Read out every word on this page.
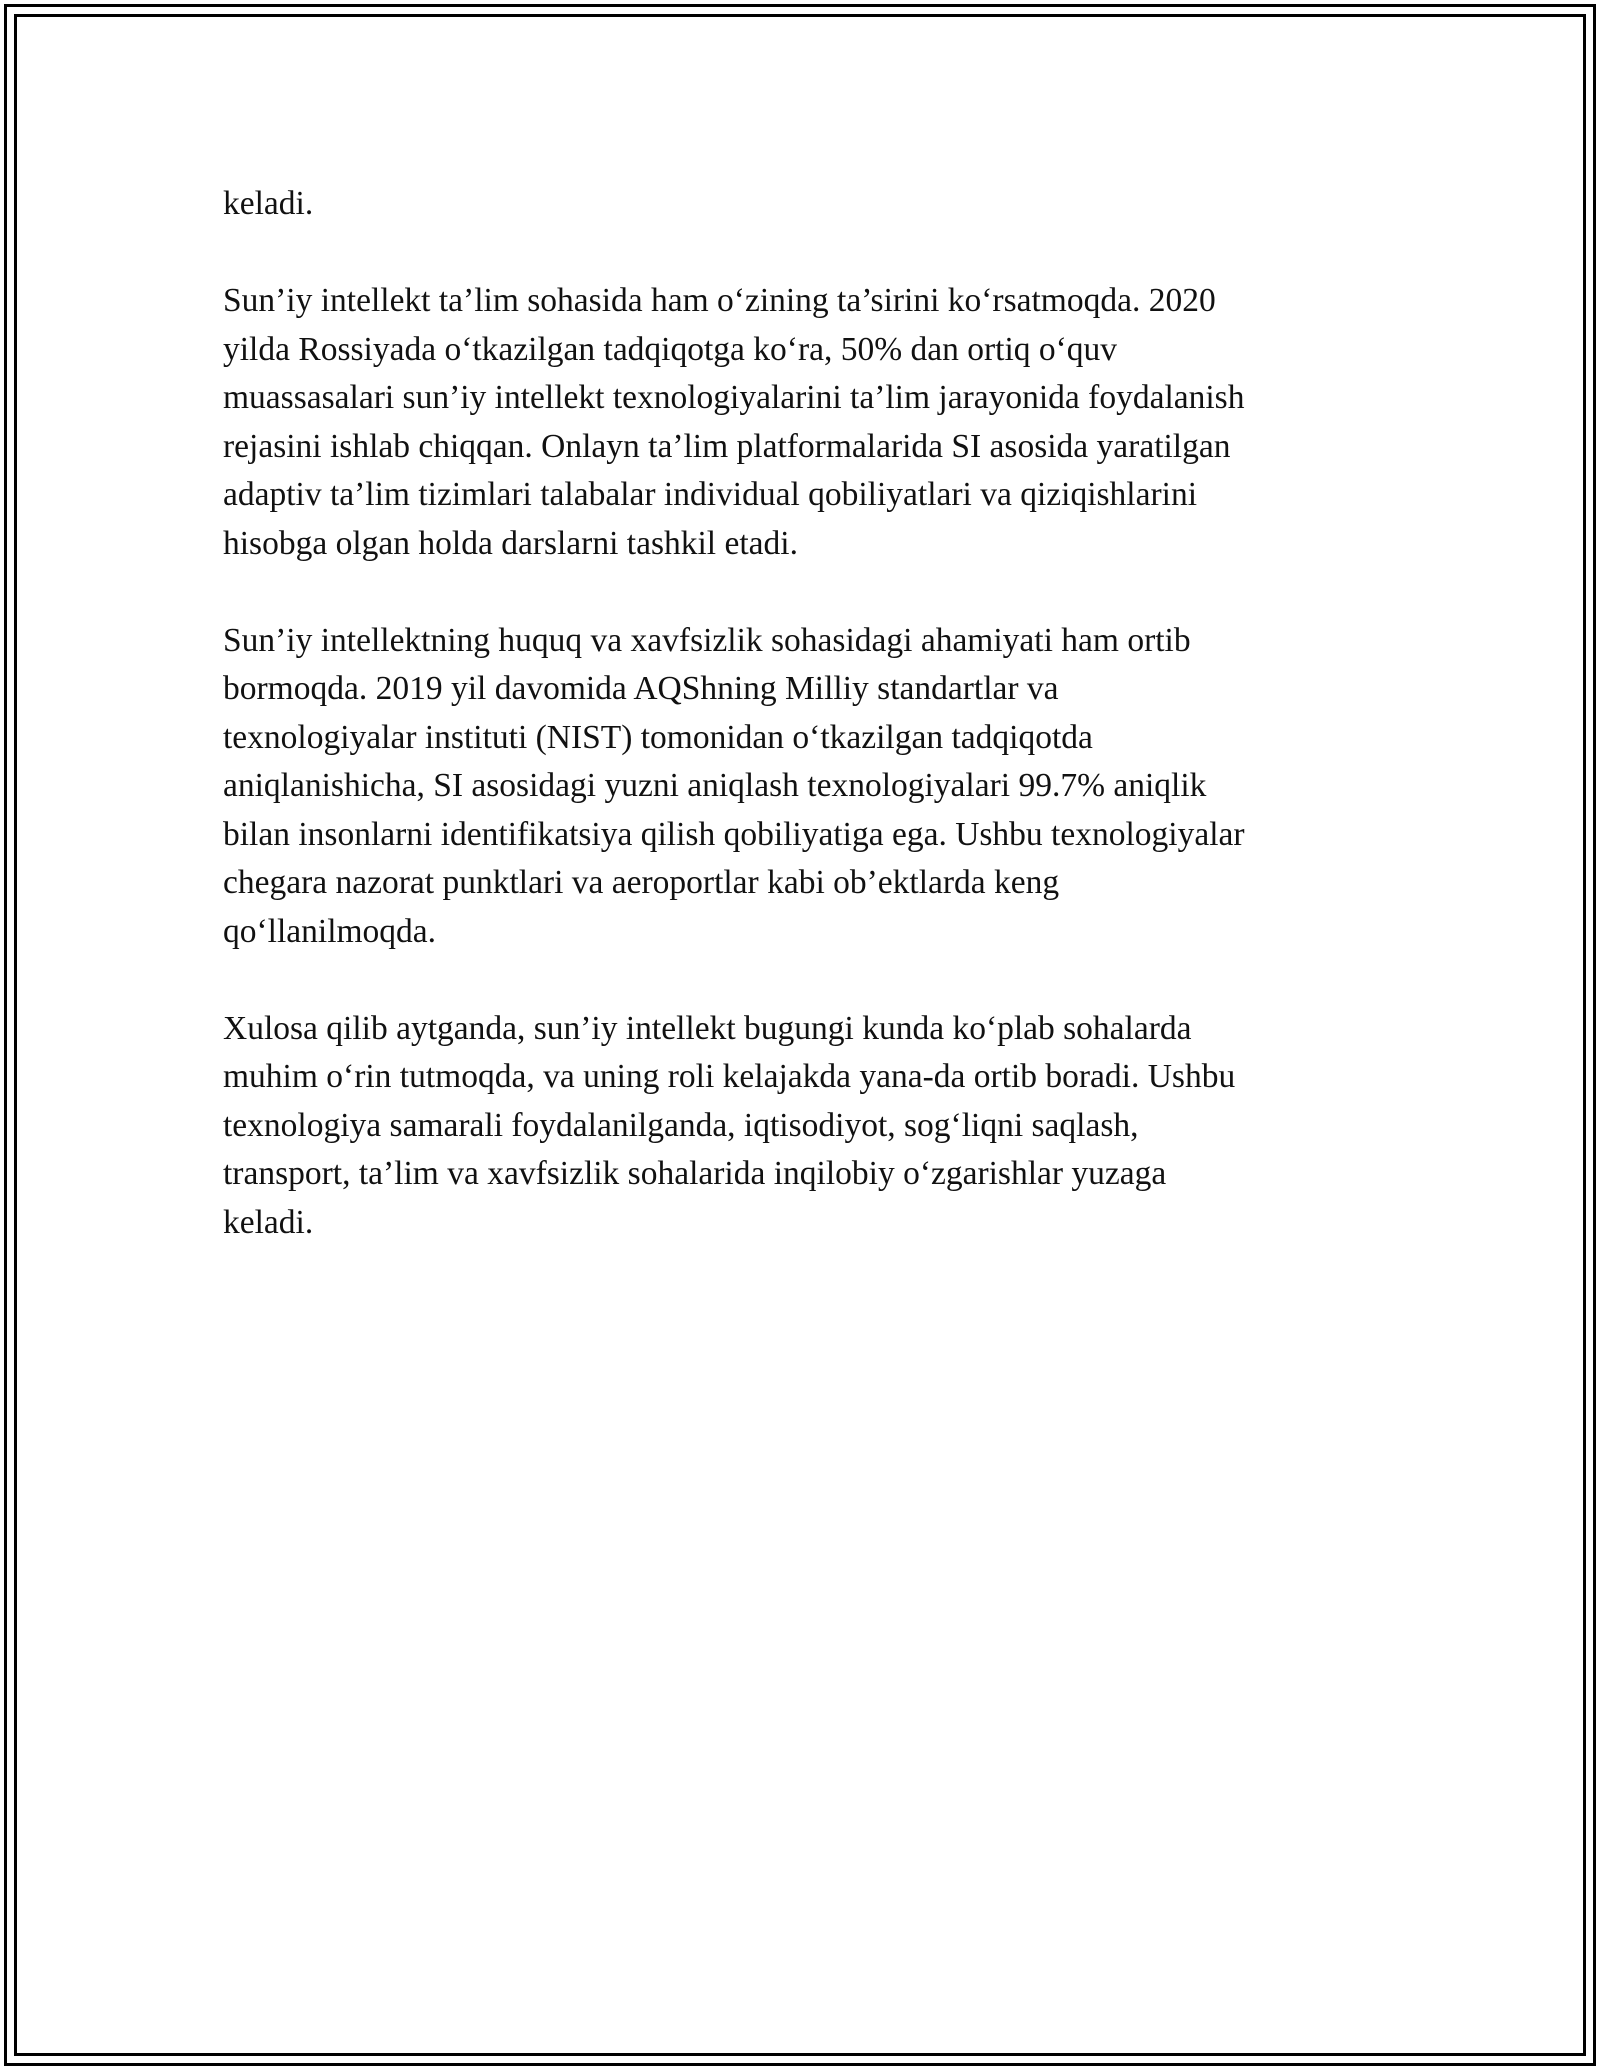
keladi.

Sun’iy intellekt ta’lim sohasida ham o‘zining ta’sirini ko‘rsatmoqda. 2020
yilda Rossiyada o‘tkazilgan tadqiqotga ko‘ra, 50% dan ortiq o‘quv
muassasalari sun’iy intellekt texnologiyalarini ta’lim jarayonida foydalanish
rejasini ishlab chiqqan. Onlayn ta’lim platformalarida SI asosida yaratilgan
adaptiv ta’lim tizimlari talabalar individual qobiliyatlari va qiziqishlarini
hisobga olgan holda darslarni tashkil etadi.

Sun’iy intellektning huquq va xavfsizlik sohasidagi ahamiyati ham ortib
bormoqda. 2019 yil davomida AQShning Milliy standartlar va
texnologiyalar instituti (NIST) tomonidan o‘tkazilgan tadqiqotda
aniqlanishicha, SI asosidagi yuzni aniqlash texnologiyalari 99.7% aniqlik
bilan insonlarni identifikatsiya qilish qobiliyatiga ega. Ushbu texnologiyalar
chegara nazorat punktlari va aeroportlar kabi ob’ektlarda keng
qo‘llanilmoqda.

Xulosa qilib aytganda, sun’iy intellekt bugungi kunda ko‘plab sohalarda
muhim o‘rin tutmoqda, va uning roli kelajakda yana-da ortib boradi. Ushbu
texnologiya samarali foydalanilganda, iqtisodiyot, sog‘liqni saqlash,
transport, ta’lim va xavfsizlik sohalarida inqilobiy o‘zgarishlar yuzaga
keladi.
